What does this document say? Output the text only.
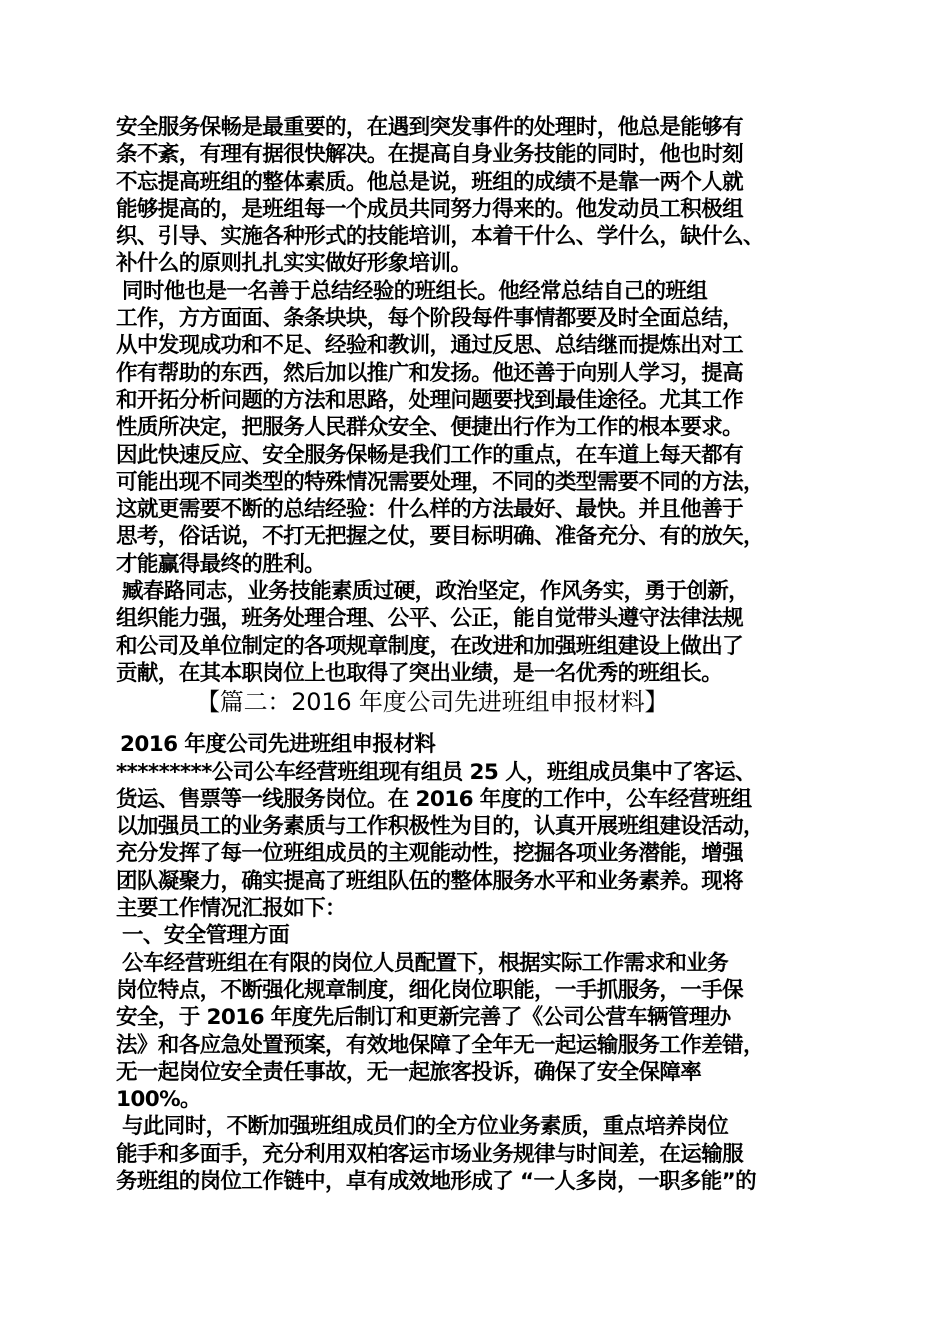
安全服务保畅是最重要的，在遇到突发事件的处理时，他总是能够有
条不紊，有理有据很快解决。在提高自身业务技能的同时，他也时刻
不忘提高班组的整体素质。他总是说，班组的成绩不是靠一两个人就
能够提高的，是班组每一个成员共同努力得来的。他发动员工积极组
织、引导、实施各种形式的技能培训，本着干什么、学什么，缺什么、
补什么的原则扎扎实实做好形象培训。
同时他也是一名善于总结经验的班组长。他经常总结自己的班组
工作，方方面面、条条块块，每个阶段每件事情都要及时全面总结，
从中发现成功和不足、经验和教训，通过反思、总结继而提炼出对工
作有帮助的东西，然后加以推广和发扬。他还善于向别人学习，提高
和开拓分析问题的方法和思路，处理问题要找到最佳途径。尤其工作
性质所决定，把服务人民群众安全、便捷出行作为工作的根本要求。
因此快速反应、安全服务保畅是我们工作的重点，在车道上每天都有
可能出现不同类型的特殊情况需要处理，不同的类型需要不同的方法，
这就更需要不断的总结经验：什么样的方法最好、最快。并且他善于
思考，俗话说，不打无把握之仗，要目标明确、准备充分、有的放矢，
才能赢得最终的胜利。
臧春路同志，业务技能素质过硬，政治坚定，作风务实，勇于创新，
组织能力强，班务处理合理、公平、公正，能自觉带头遵守法律法规
和公司及单位制定的各项规章制度，在改进和加强班组建设上做出了
贡献，在其本职岗位上也取得了突出业绩，是一名优秀的班组长。
【篇二：2016 年度公司先进班组申报材料】
2016 年度公司先进班组申报材料
*********公司公车经营班组现有组员 25 人，班组成员集中了客运、
货运、售票等一线服务岗位。在 2016 年度的工作中，公车经营班组
以加强员工的业务素质与工作积极性为目的，认真开展班组建设活动，
充分发挥了每一位班组成员的主观能动性，挖掘各项业务潜能，增强
团队凝聚力，确实提高了班组队伍的整体服务水平和业务素养。现将
主要工作情况汇报如下：
一、安全管理方面
公车经营班组在有限的岗位人员配置下，根据实际工作需求和业务
岗位特点，不断强化规章制度，细化岗位职能，一手抓服务，一手保
安全，于 2016 年度先后制订和更新完善了《公司公营车辆管理办
法》和各应急处置预案，有效地保障了全年无一起运输服务工作差错，
无一起岗位安全责任事故，无一起旅客投诉，确保了安全保障率
100%。
与此同时，不断加强班组成员们的全方位业务素质，重点培养岗位
能手和多面手，充分利用双柏客运市场业务规律与时间差，在运输服
务班组的岗位工作链中，卓有成效地形成了 “一人多岗，一职多能”的
